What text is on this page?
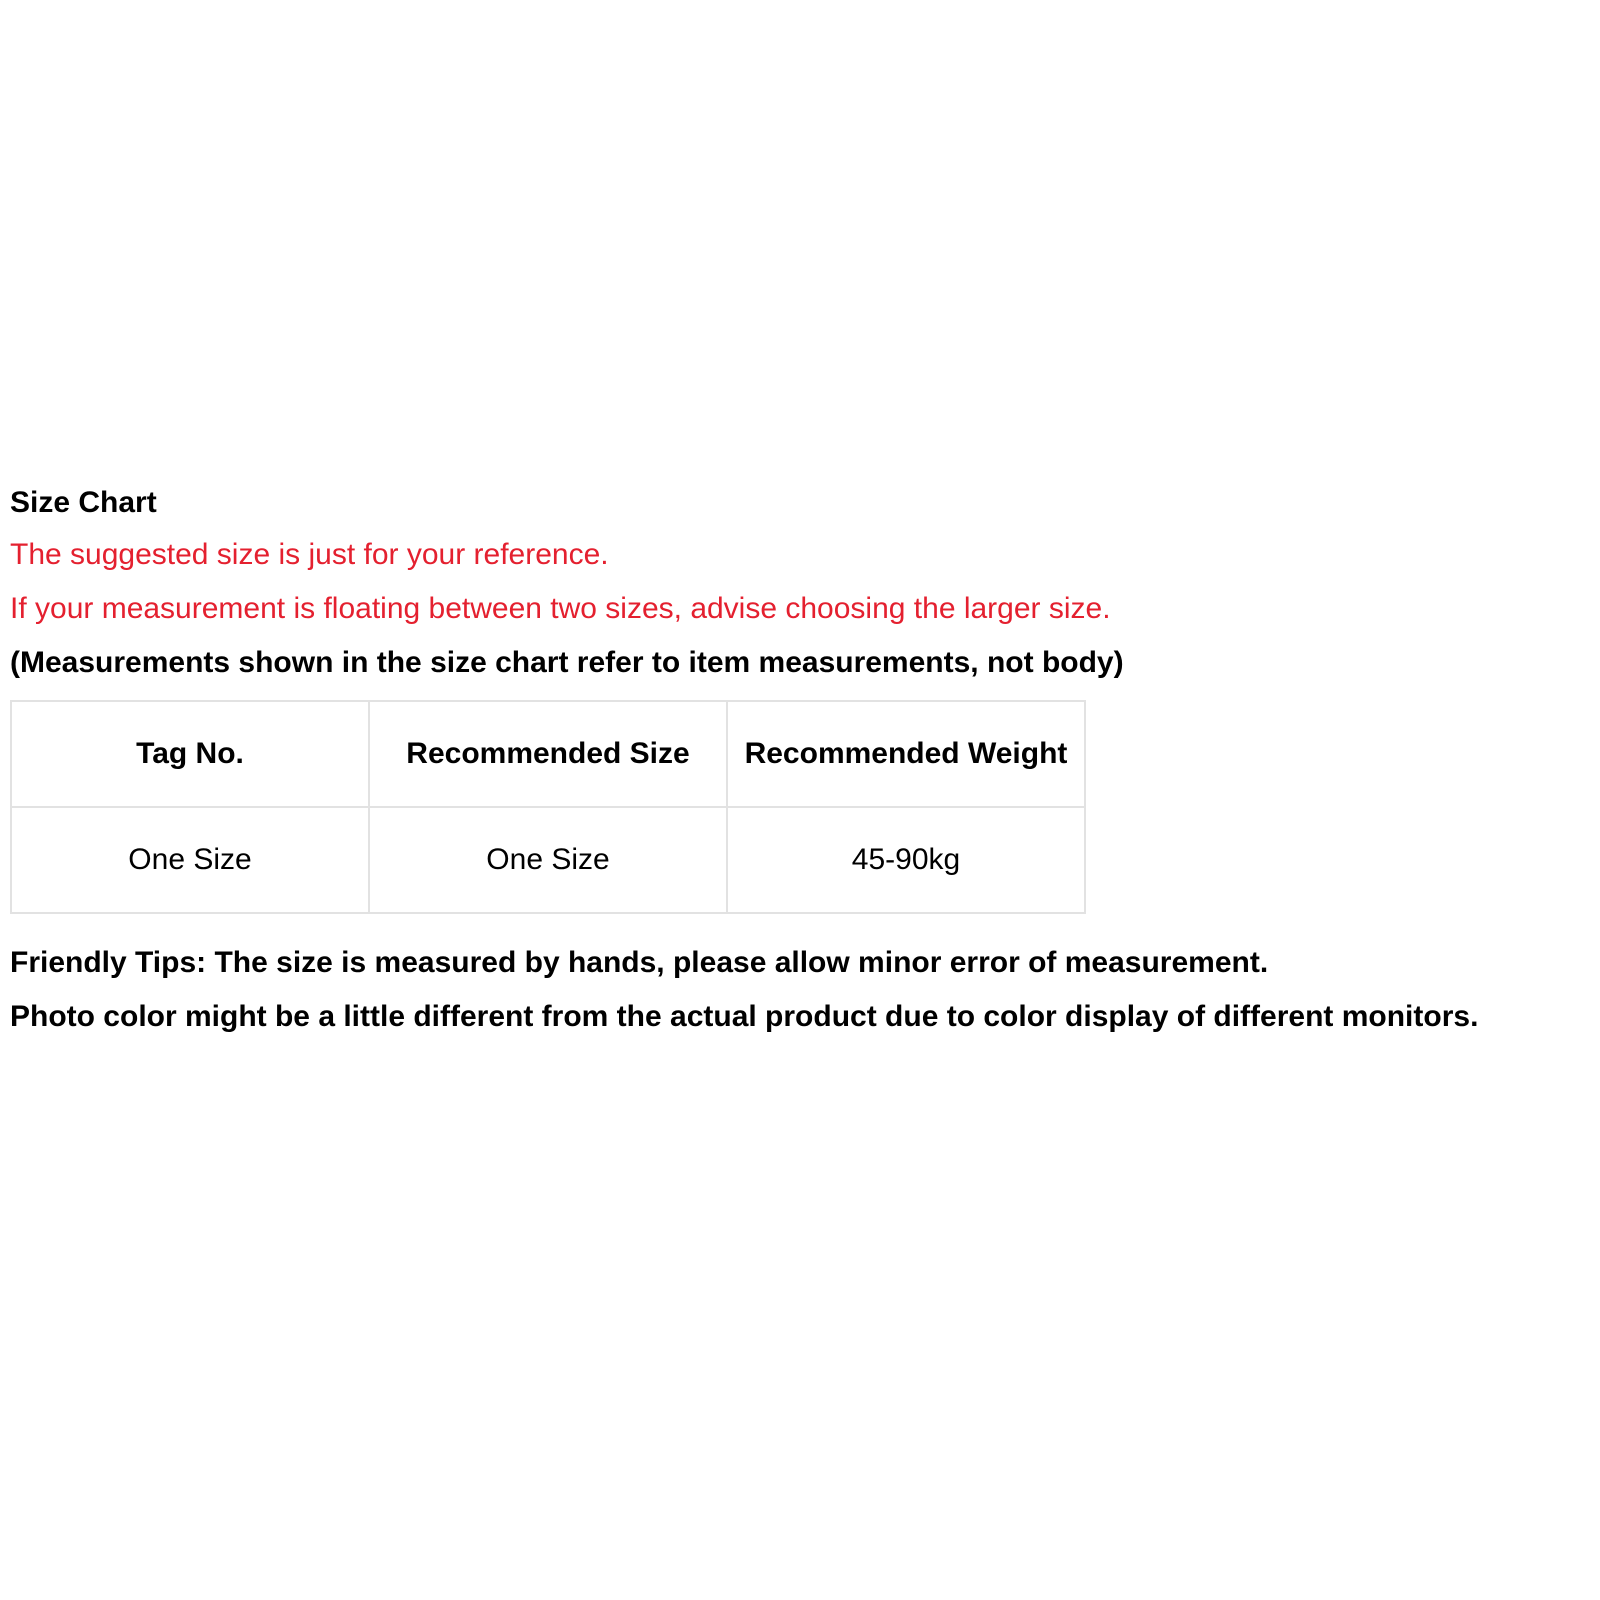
Size Chart
The suggested size is just for your reference.
If your measurement is floating between two sizes, advise choosing the larger size.
(Measurements shown in the size chart refer to item measurements, not body)
Tag No.	Recommended Size	Recommended Weight
One Size	One Size	45-90kg
Friendly Tips: The size is measured by hands, please allow minor error of measurement.
Photo color might be a little different from the actual product due to color display of different monitors.
